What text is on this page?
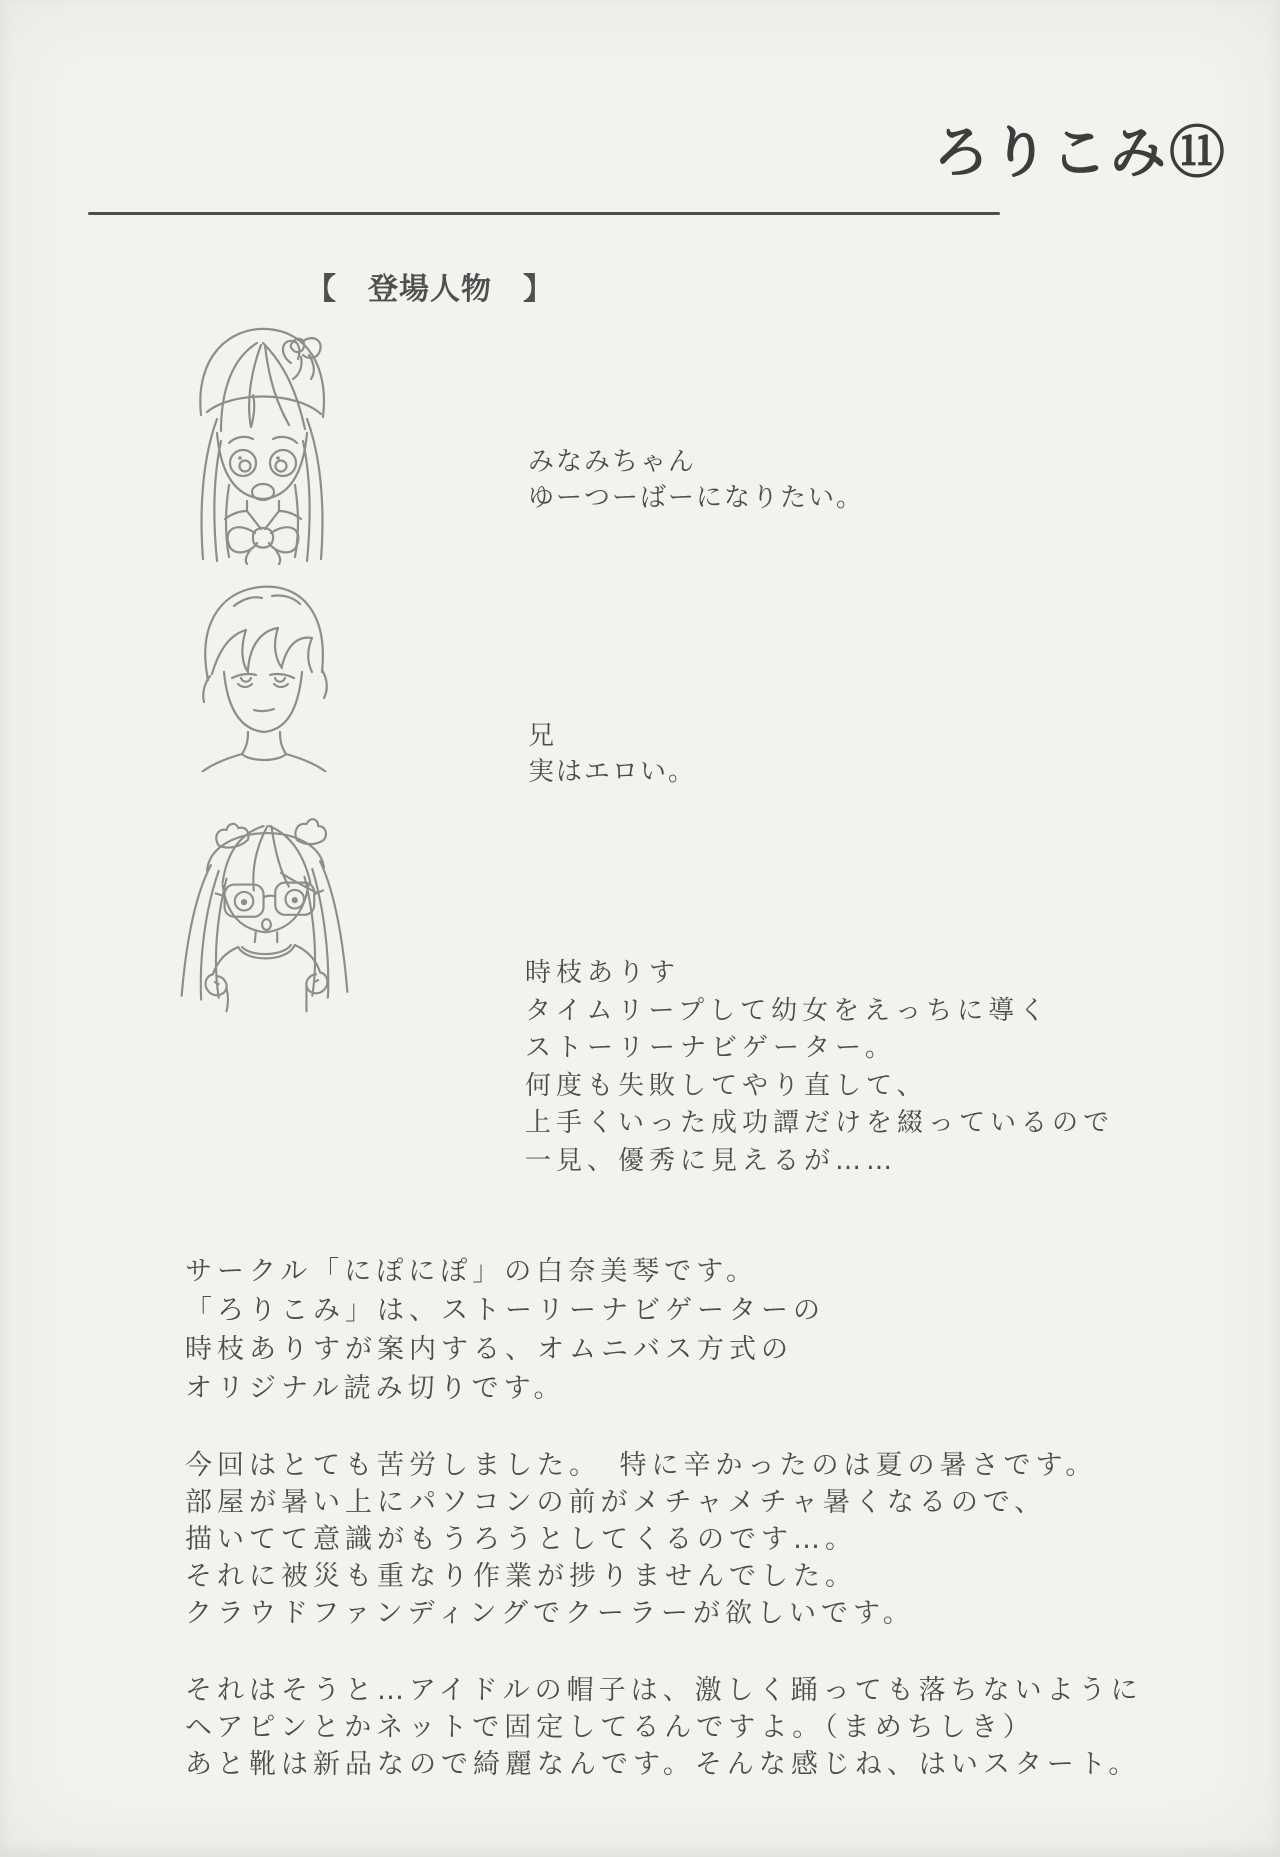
ろりこみ⑪
【　登場人物　】
みなみちゃん
ゆーつーばーになりたい。
兄
実はエロい。
時枝ありす
タイムリープして幼女をえっちに導く
ストーリーナビゲーター。
何度も失敗してやり直して、
上手くいった成功譚だけを綴っているので
一見、優秀に見えるが……
サークル「にぽにぽ」の白奈美琴です。
「ろりこみ」は、ストーリーナビゲーターの
時枝ありすが案内する、オムニバス方式の
オリジナル読み切りです。
今回はとても苦労しました。　特に辛かったのは夏の暑さです。
部屋が暑い上にパソコンの前がメチャメチャ暑くなるので、
描いてて意識がもうろうとしてくるのです…。
それに被災も重なり作業が捗りませんでした。
クラウドファンディングでクーラーが欲しいです。
それはそうと…アイドルの帽子は、激しく踊っても落ちないように
ヘアピンとかネットで固定してるんですよ。（まめちしき）
あと靴は新品なので綺麗なんです。そんな感じね、はいスタート。
